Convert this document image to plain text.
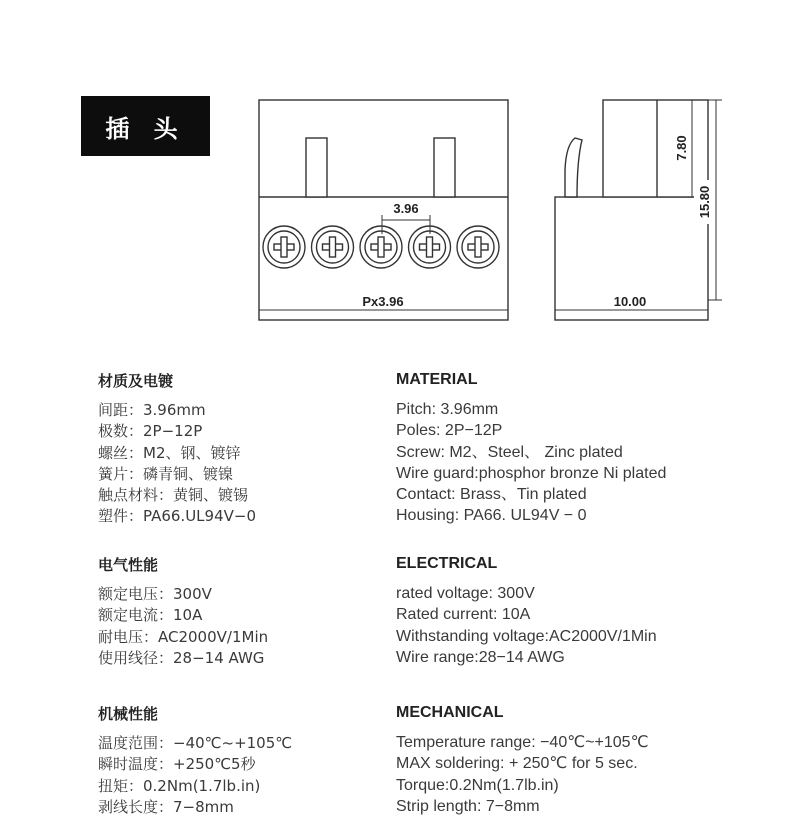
插 头
3.96
Px3.96	10.00
7.80
15.80
材质及电镀
间距：3.96mm
极数：2P−12P
螺丝：M2、钢、镀锌
簧片：磷青铜、镀镍
触点材料：黄铜、镀锡
塑件：PA66.UL94V−0
电气性能
额定电压：300V
额定电流：10A
耐电压：AC2000V/1Min
使用线径：28−14 AWG
机械性能
温度范围：−40℃~+105℃
瞬时温度：+250℃5秒
扭矩：0.2Nm(1.7lb.in)
剥线长度：7−8mm
MATERIAL
Pitch: 3.96mm
Poles: 2P−12P
Screw: M2、Steel、 Zinc plated
Wire guard:phosphor bronze Ni plated
Contact: Brass、Tin plated
Housing: PA66. UL94V − 0
ELECTRICAL
rated voltage: 300V
Rated current: 10A
Withstanding voltage:AC2000V/1Min
Wire range:28−14 AWG
MECHANICAL
Temperature range: −40℃~+105℃
MAX soldering: + 250℃ for 5 sec.
Torque:0.2Nm(1.7lb.in)
Strip length: 7−8mm
